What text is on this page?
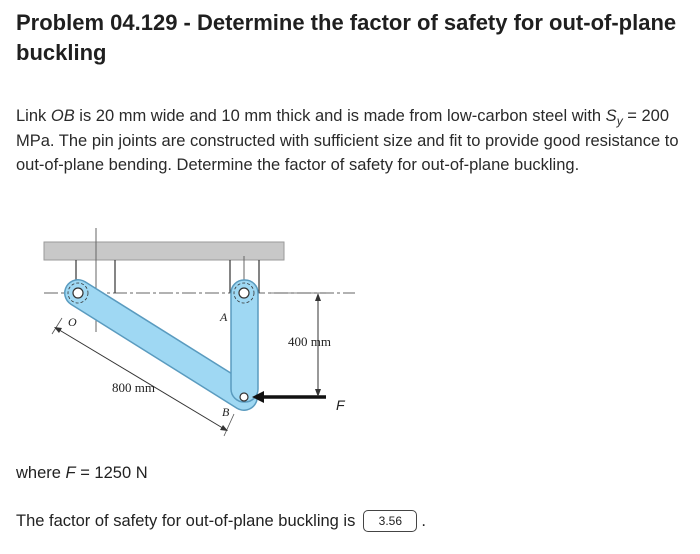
Problem 04.129 - Determine the factor of safety for out-of-plane buckling

Link OB is 20 mm wide and 10 mm thick and is made from low-carbon steel with $S_y = 200$ MPa. The pin joints are constructed with sufficient size and fit to provide good resistance to out-of-plane bending. Determine the factor of safety for out-of-plane buckling.

O	A
B
400 mm
800 mm
F

where F = 1250 N

The factor of safety for out-of-plane buckling is	3.56	.
